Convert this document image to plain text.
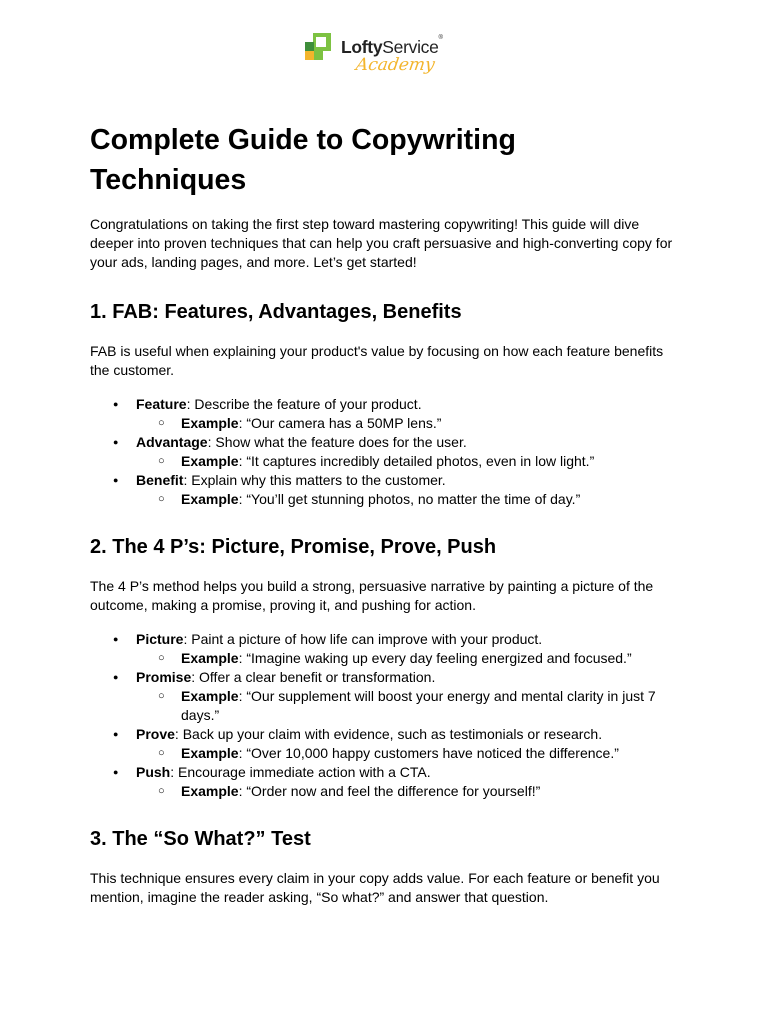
LoftyService®
Academy
Complete Guide to Copywriting Techniques

Congratulations on taking the first step toward mastering copywriting! This guide will dive deeper into proven techniques that can help you craft persuasive and high-converting copy for your ads, landing pages, and more. Let’s get started!

1. FAB: Features, Advantages, Benefits

FAB is useful when explaining your product's value by focusing on how each feature benefits the customer.

● Feature: Describe the feature of your product.
○ Example: “Our camera has a 50MP lens.”
● Advantage: Show what the feature does for the user.
○ Example: “It captures incredibly detailed photos, even in low light.”
● Benefit: Explain why this matters to the customer.
○ Example: “You’ll get stunning photos, no matter the time of day.”
2. The 4 P’s: Picture, Promise, Prove, Push

The 4 P’s method helps you build a strong, persuasive narrative by painting a picture of the outcome, making a promise, proving it, and pushing for action.

● Picture: Paint a picture of how life can improve with your product.
○ Example: “Imagine waking up every day feeling energized and focused.”
● Promise: Offer a clear benefit or transformation.
○ Example: “Our supplement will boost your energy and mental clarity in just 7 days.”
● Prove: Back up your claim with evidence, such as testimonials or research.
○ Example: “Over 10,000 happy customers have noticed the difference.”
● Push: Encourage immediate action with a CTA.
○ Example: “Order now and feel the difference for yourself!”
3. The “So What?” Test

This technique ensures every claim in your copy adds value. For each feature or benefit you mention, imagine the reader asking, “So what?” and answer that question.
